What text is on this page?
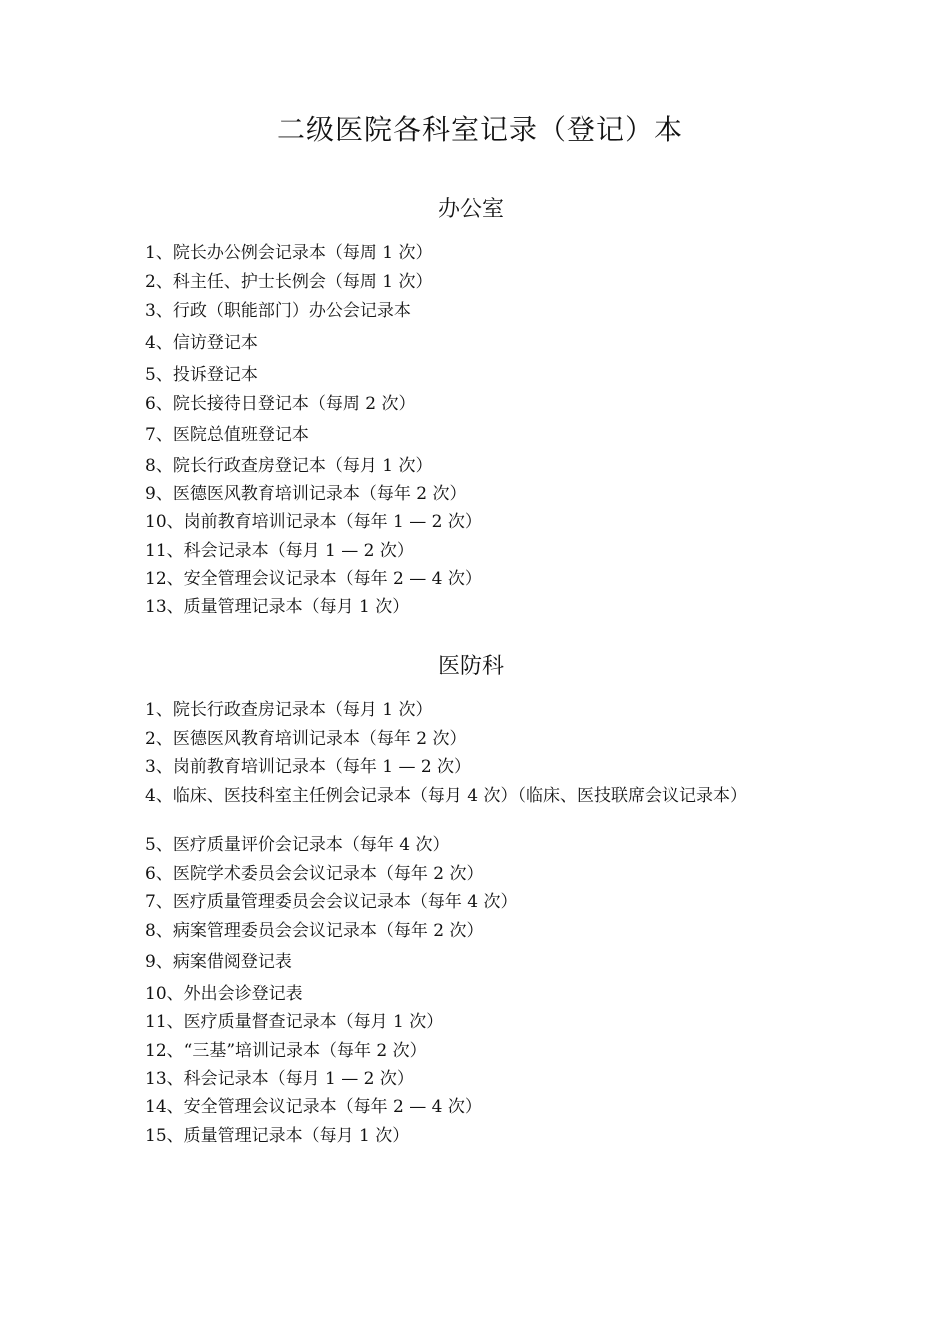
二级医院各科室记录（登记）本
办公室
1、院长办公例会记录本（每周 1 次）
2、科主任、护士长例会（每周 1 次）
3、行政（职能部门）办公会记录本
4、信访登记本
5、投诉登记本
6、院长接待日登记本（每周 2 次）
7、医院总值班登记本
8、院长行政查房登记本（每月 1 次）
9、医德医风教育培训记录本（每年 2 次）
10、岗前教育培训记录本（每年 1 — 2 次）
11、科会记录本（每月 1 — 2 次）
12、安全管理会议记录本（每年 2 — 4 次）
13、质量管理记录本（每月 1 次）
医防科
1、院长行政查房记录本（每月 1 次）
2、医德医风教育培训记录本（每年 2 次）
3、岗前教育培训记录本（每年 1 — 2 次）
4、临床、医技科室主任例会记录本（每月 4 次）（临床、医技联席会议记录本）
5、医疗质量评价会记录本（每年 4 次）
6、医院学术委员会会议记录本（每年 2 次）
7、医疗质量管理委员会会议记录本（每年 4 次）
8、病案管理委员会会议记录本（每年 2 次）
9、病案借阅登记表
10、外出会诊登记表
11、医疗质量督查记录本（每月 1 次）
12、“三基”培训记录本（每年 2 次）
13、科会记录本（每月 1 — 2 次）
14、安全管理会议记录本（每年 2 — 4 次）
15、质量管理记录本（每月 1 次）
